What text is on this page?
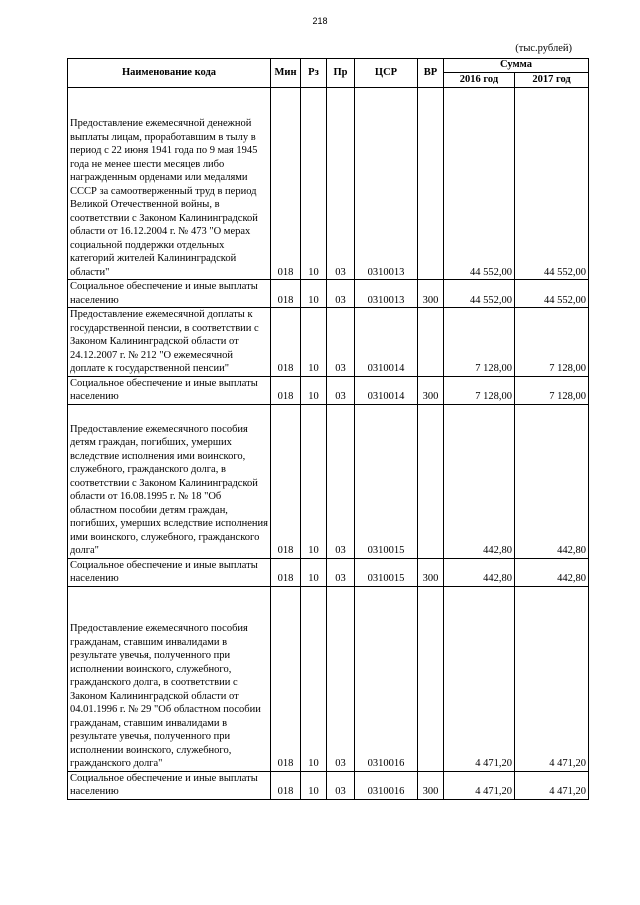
218
(тыс.рублей)
Наименование кода	Мин	Рз	Пр	ЦСР	ВР	Сумма	
						2016 год	2017 год

Предоставление ежемесячной денежной выплаты лицам, проработавшим в тылу в период с 22 июня 1941 года по 9 мая 1945 года не менее шести месяцев либо награжденным орденами или медалями СССР за самоотверженный труд в период Великой Отечественной войны, в соответствии с Законом Калининградской области от 16.12.2004 г. № 473 "О мерах социальной поддержки отдельных категорий жителей Калининградской области"	018	10	03	0310013		44 552,00	44 552,00

Социальное обеспечение и иные выплаты населению	018	10	03	0310013	300	44 552,00	44 552,00

Предоставление ежемесячной доплаты к государственной пенсии, в соответствии с Законом Калининградской области от 24.12.2007 г. № 212 "О ежемесячной доплате к государственной пенсии"	018	10	03	0310014		7 128,00	7 128,00

Социальное обеспечение и иные выплаты населению	018	10	03	0310014	300	7 128,00	7 128,00

Предоставление ежемесячного пособия детям граждан, погибших, умерших вследствие исполнения ими воинского, служебного, гражданского долга, в соответствии с Законом Калининградской области от 16.08.1995 г. № 18 "Об областном пособии детям граждан, погибших, умерших вследствие исполнения ими воинского, служебного, гражданского долга"	018	10	03	0310015		442,80	442,80

Социальное обеспечение и иные выплаты населению	018	10	03	0310015	300	442,80	442,80

Предоставление ежемесячного пособия гражданам, ставшим инвалидами в результате увечья, полученного при исполнении воинского, служебного, гражданского долга, в соответствии с Законом Калининградской области от 04.01.1996 г. № 29 "Об областном пособии гражданам, ставшим инвалидами в результате увечья, полученного при исполнении воинского, служебного, гражданского долга"	018	10	03	0310016		4 471,20	4 471,20

Социальное обеспечение и иные выплаты населению	018	10	03	0310016	300	4 471,20	4 471,20
